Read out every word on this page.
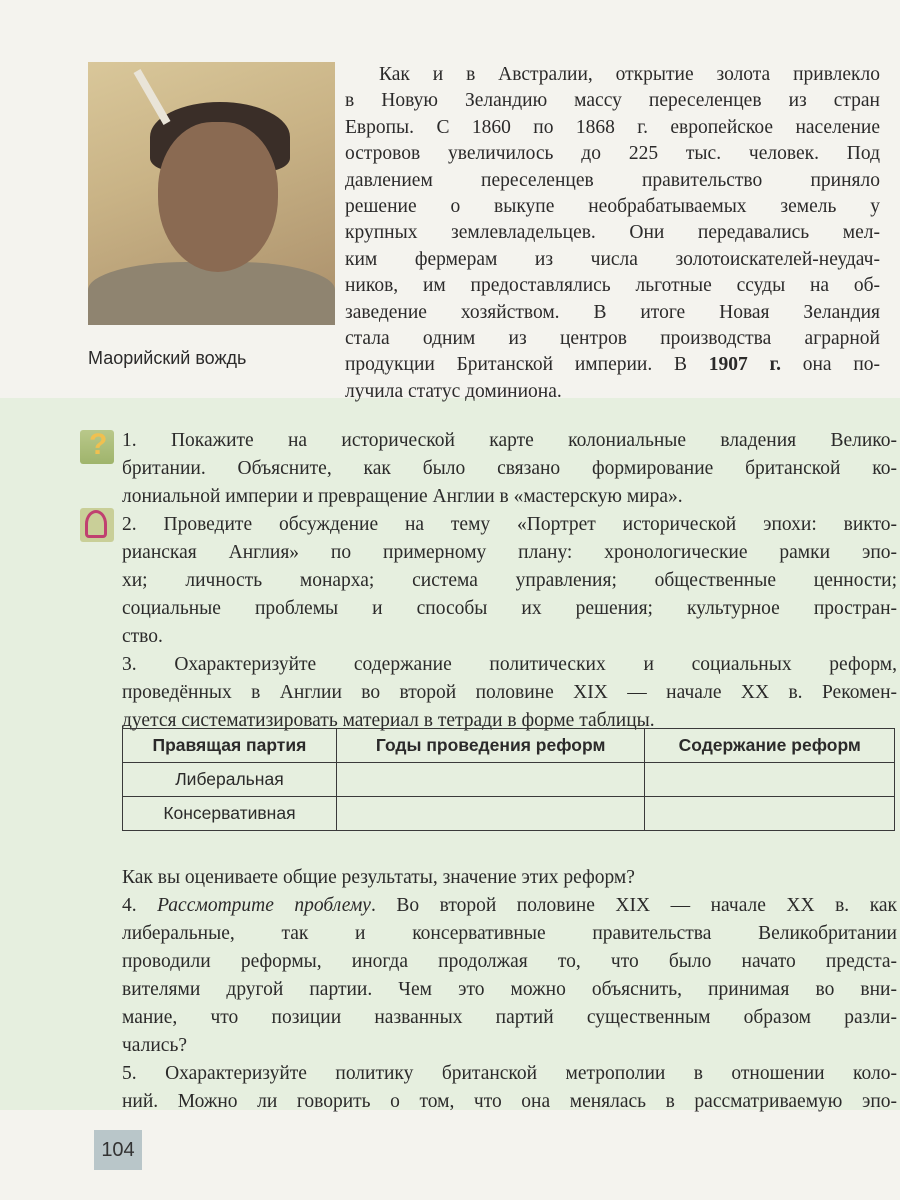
Маорийский вождь
Как и в Австралии, открытие золота привлекло
в Новую Зеландию массу переселенцев из стран
Европы. С 1860 по 1868 г. европейское население
островов увеличилось до 225 тыс. человек. Под
давлением переселенцев правительство приняло
решение о выкупе необрабатываемых земель у
крупных землевладельцев. Они передавались мел-
ким фермерам из числа золотоискателей-неудач-
ников, им предоставлялись льготные ссуды на об-
заведение хозяйством. В итоге Новая Зеландия
стала одним из центров производства аграрной
продукции Британской империи. В 1907 г. она по-
лучила статус доминиона.
? 1. Покажите на исторической карте колониальные владения Велико-
британии. Объясните, как было связано формирование британской ко-
лониальной империи и превращение Англии в «мастерскую мира».
2. Проведите обсуждение на тему «Портрет исторической эпохи: викто-
рианская Англия» по примерному плану: хронологические рамки эпо-
хи; личность монарха; система управления; общественные ценности;
социальные проблемы и способы их решения; культурное простран-
ство.
3. Охарактеризуйте содержание политических и социальных реформ,
проведённых в Англии во второй половине XIX — начале XX в. Рекомен-
дуется систематизировать материал в тетради в форме таблицы.
Правящая партия	Годы проведения реформ	Содержание реформ
Либеральная		
Консервативная		
Как вы оцениваете общие результаты, значение этих реформ?
4. Рассмотрите проблему. Во второй половине XIX — начале XX в. как
либеральные, так и консервативные правительства Великобритании
проводили реформы, иногда продолжая то, что было начато предста-
вителями другой партии. Чем это можно объяснить, принимая во вни-
мание, что позиции названных партий существенным образом разли-
чались?
5. Охарактеризуйте политику британской метрополии в отношении коло-
ний. Можно ли говорить о том, что она менялась в рассматриваемую эпо-
104
